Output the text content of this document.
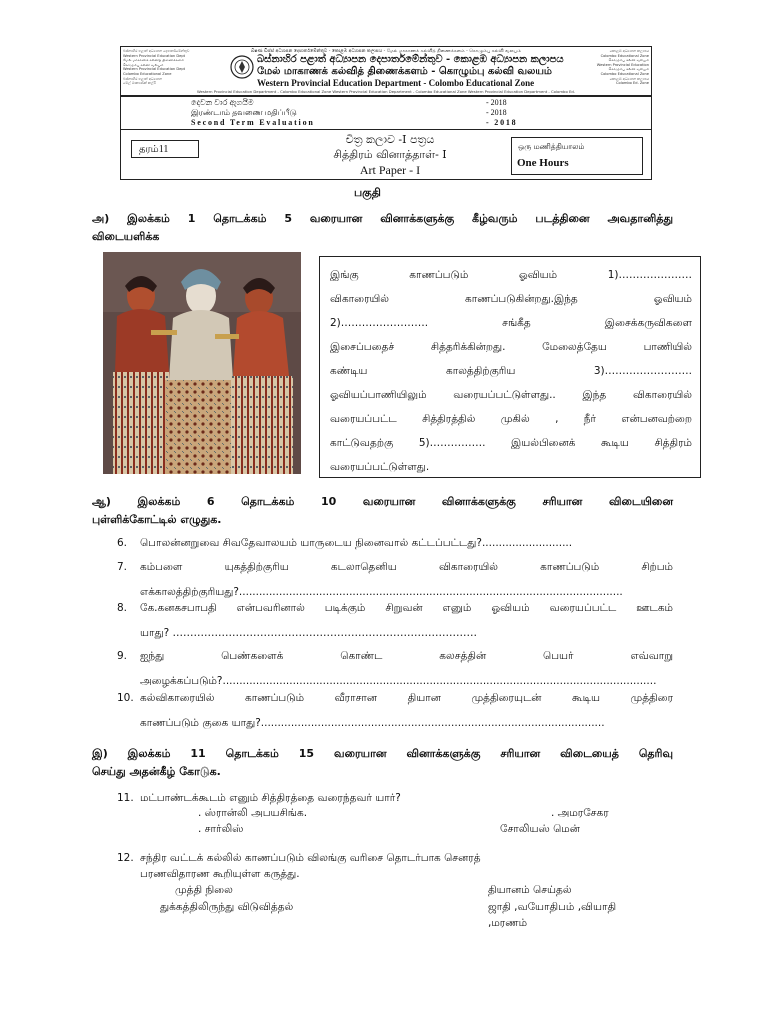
ඛ්ෂණ ඩිස්ස් අධ්‍යාපන දෙපාර්තමේන්තුව - කොළඹ අධ්‍යාපන කලාපය - மேல் மாகாணக் கல்வித் திணைக்களம் - கொழும்பு கல்வி வலயம்
බස්නාහිර පළාත් අධ්‍යාපන දෙපාර්තමේන්තුව
Western Provincial Education Dept
மேல் மாகாணக் கல்வித் திணைக்களம்
கொழும்பு கல்வி வலயம்
Western Provincial Education Dept
Colombo Educational Zone
බස්නාහිර පළාත් අධ්‍යාපන
මේල් මාකාණක් කල්වි
කොළඹ අධ්‍යාපන කලාපය
Colombo Educational Zone
கொழும்பு கல்வி வலயம்
Western Provincial Education
கொழும்பு கல்வி வலயம்
Colombo Educational Zone
කොළඹ අධ්‍යාපන කලාපය
Colombo Ed. Zone
බස්නාහිර පළාත් අධ්‍යාපන දෙපාර්තමේන්තුව - කොළඹ අධ්‍යාපන කලාපය
மேல் மாகாணக் கல்வித் திணைக்களம் - கொழும்பு கல்வி வலயம்
Western Provincial Education Department - Colombo Educational Zone
Western Provincial Education Department - Colombo Educational Zone Western Provincial Education Department - Colombo Educational Zone Western Provincial Education Department - Colombo Ed.
දෙවන වාර ඇගයීම	- 2018
இரண்டாம் தவணை மதிப்பீடு	- 2018
Second Term Evaluation	- 2018
தரம்11
චිත්‍ර කලාව -I පත්‍රය
சித்திரம் வினாத்தாள்- I
Art Paper - I
ஒரு மணித்தியாலம்
One Hours
பகுதி
அ) இலக்கம் 1 தொடக்கம் 5 வரையான வினாக்களுக்கு கீழ்வரும் படத்தினை அவதானித்து
விடையளிக்க
இங்கு காணப்படும் ஓவியம் 1)…………………
விகாரையில் காணப்படுகின்றது.இந்த ஓவியம்
2)……………………. சங்கீத இசைக்கருவிகளை
இசைப்பதைச் சித்தரிக்கின்றது. மேலைத்தேய பாணியில்
கண்டிய காலத்திற்குரிய 3)…………………….
ஓவியப்பாணியிலும் வரையப்பட்டுள்ளது.. இந்த விகாரையில்
வரையப்பட்ட சித்திரத்தில் முகில் , நீர் என்பனவற்றை
காட்டுவதற்கு 5)……………. இயல்பினைக் கூடிய சித்திரம்
வரையப்பட்டுள்ளது.
ஆ) இலக்கம் 6 தொடக்கம் 10 வரையான வினாக்களுக்கு சரியான விடையினை
புள்ளிக்கோட்டில் எழுதுக.
6. பொலன்னறுவை சிவதேவாலயம் யாருடைய நினைவால் கட்டப்பட்டது?...........................
7. கம்பளை யுகத்திற்குரிய கடலாதெனிய விகாரையில் காணப்படும் சிற்பம்
எக்காலத்திற்குரியது?...................................................................................................................
8. கே.கனகசபாபதி என்பவரினால் படிக்கும் சிறுவன் எனும் ஓவியம் வரையப்பட்ட ஊடகம்
யாது? ……………………………………………………………………………
9. ஐந்து பெண்களைக் கொண்ட கலசத்தின் பெயர் எவ்வாறு
அழைக்கப்படும்?..................................................................................................................................
10. கல்விகாரையில் காணப்படும் வீராசான தியான முத்திரையுடன் கூடிய முத்திரை
காணப்படும் குகை யாது?.......................................................................................................
இ) இலக்கம் 11 தொடக்கம் 15 வரையான வினாக்களுக்கு சரியான விடையைத் தெரிவு
செய்து அதன்கீழ் கோடுக.
11. மட்பாண்டக்கூடம் எனும் சித்திரத்தை வரைந்தவர் யார்?
. ஸ்ரான்லி அபயசிங்க.	. அமரசேகர
. சார்லிஸ்	சோலியஸ் மென்
12. சந்திர வட்டக் கல்லில் காணப்படும் விலங்கு வரிசை தொடர்பாக செனரத்
பரணவிதாரண கூறியுள்ள கருத்து.
முத்தி நிலை	தியானம் செய்தல்
துக்கத்திலிருந்து விடுவித்தல்	ஜாதி ,வயோதிபம் ,வியாதி
,மரணம்
